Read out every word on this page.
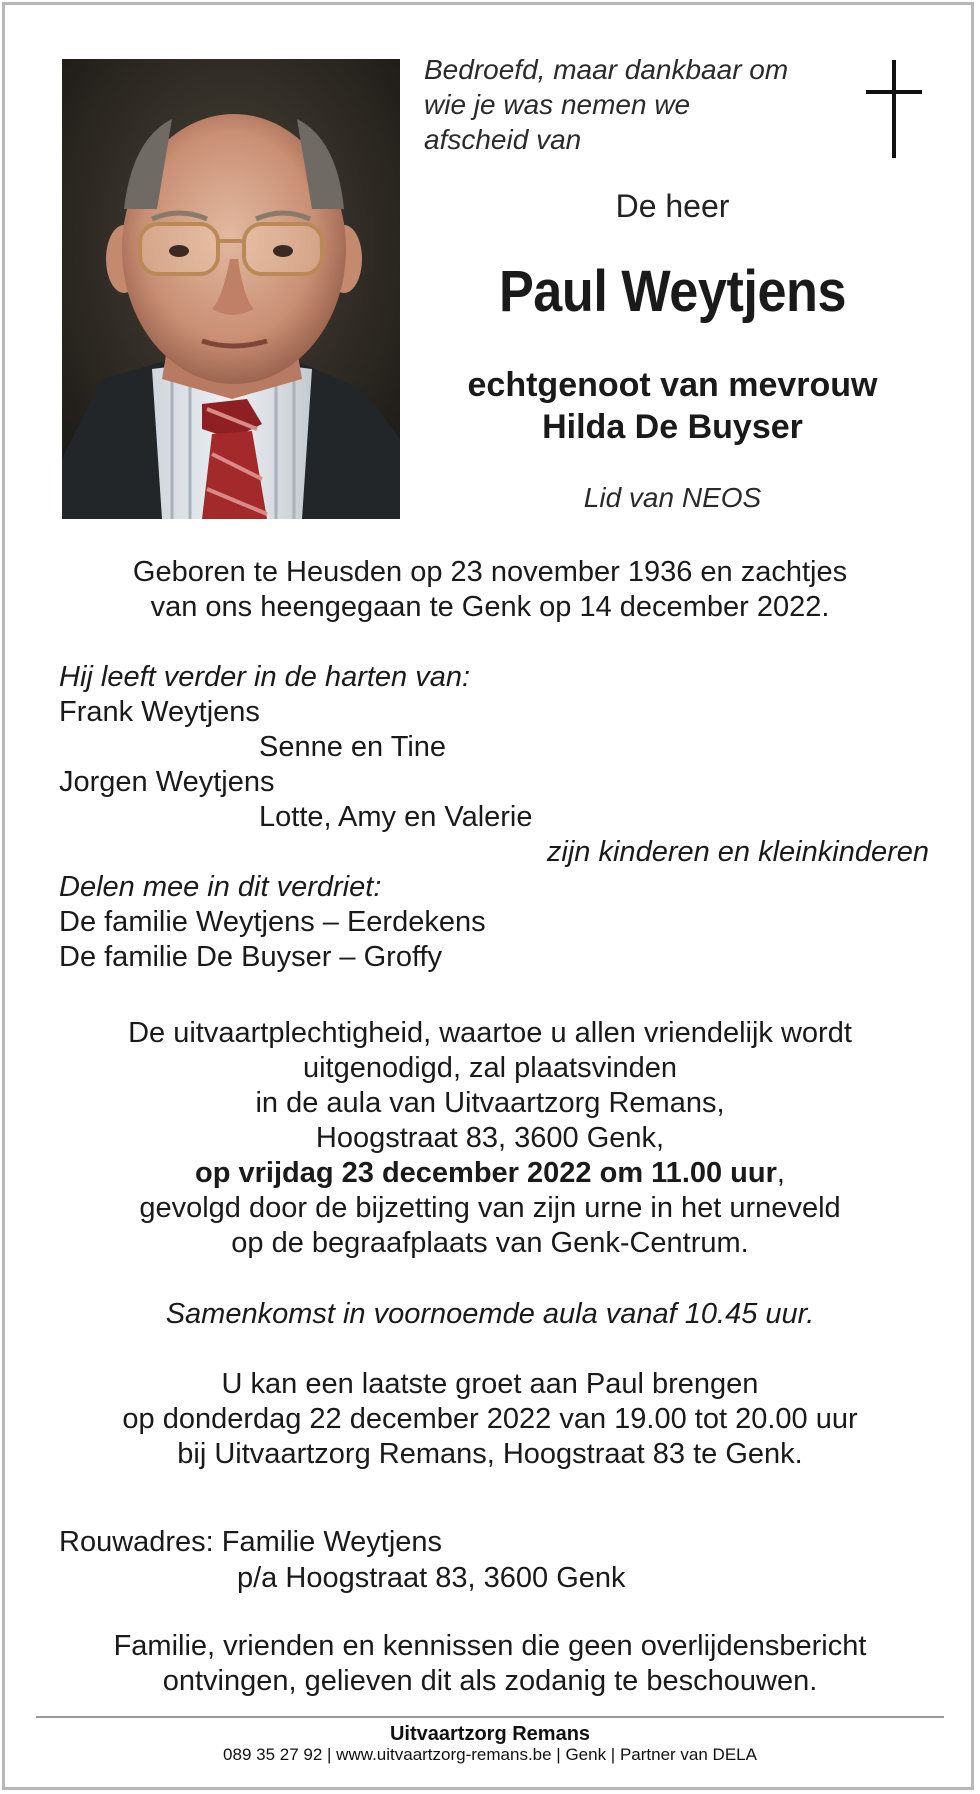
Bedroefd, maar dankbaar om
wie je was nemen we
afscheid van
De heer
Paul Weytjens
echtgenoot van mevrouw
Hilda De Buyser
Lid van NEOS
Geboren te Heusden op 23 november 1936 en zachtjes
van ons heengegaan te Genk op 14 december 2022.
Hij leeft verder in de harten van:
Frank Weytjens
Senne en Tine
Jorgen Weytjens
Lotte, Amy en Valerie
zijn kinderen en kleinkinderen
Delen mee in dit verdriet:
De familie Weytjens – Eerdekens
De familie De Buyser – Groffy
De uitvaartplechtigheid, waartoe u allen vriendelijk wordt
uitgenodigd, zal plaatsvinden
in de aula van Uitvaartzorg Remans,
Hoogstraat 83, 3600 Genk,
op vrijdag 23 december 2022 om 11.00 uur,
gevolgd door de bijzetting van zijn urne in het urneveld
op de begraafplaats van Genk-Centrum.
Samenkomst in voornoemde aula vanaf 10.45 uur.
U kan een laatste groet aan Paul brengen
op donderdag 22 december 2022 van 19.00 tot 20.00 uur
bij Uitvaartzorg Remans, Hoogstraat 83 te Genk.
Rouwadres: Familie Weytjens
p/a Hoogstraat 83, 3600 Genk
Familie, vrienden en kennissen die geen overlijdensbericht
ontvingen, gelieven dit als zodanig te beschouwen.
Uitvaartzorg Remans
089 35 27 92 | www.uitvaartzorg-remans.be | Genk | Partner van DELA
